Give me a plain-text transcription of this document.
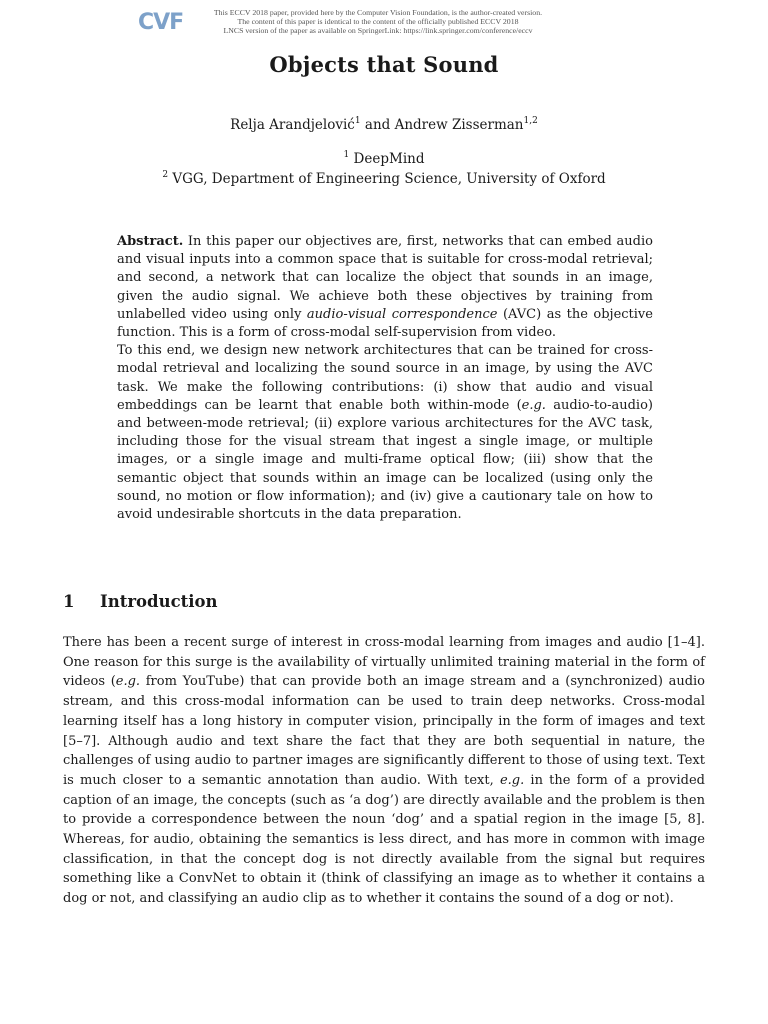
CVF	This ECCV 2018 paper, provided here by the Computer Vision Foundation, is the author-created version.
The content of this paper is identical to the content of the officially published ECCV 2018
LNCS version of the paper as available on SpringerLink: https://link.springer.com/conference/eccv
Objects that Sound
Relja Arandjelović$^1$ and Andrew Zisserman$^{1,2}$
$^1$ DeepMind
$^2$ VGG, Department of Engineering Science, University of Oxford

Abstract. In this paper our objectives are, first, networks that can embed audio and visual inputs into a common space that is suitable for cross-modal retrieval; and second, a network that can localize the object that sounds in an image, given the audio signal. We achieve both these objectives by training from unlabelled video using only audio-visual correspondence (AVC) as the objective function. This is a form of cross-modal self-supervision from video.

To this end, we design new network architectures that can be trained for cross-modal retrieval and localizing the sound source in an image, by using the AVC task. We make the following contributions: (i) show that audio and visual embeddings can be learnt that enable both within-mode (e.g. audio-to-audio) and between-mode retrieval; (ii) explore various architectures for the AVC task, including those for the visual stream that ingest a single image, or multiple images, or a single image and multi-frame optical flow; (iii) show that the semantic object that sounds within an image can be localized (using only the sound, no motion or flow information); and (iv) give a cautionary tale on how to avoid undesirable shortcuts in the data preparation.

1 Introduction

There has been a recent surge of interest in cross-modal learning from images and audio [1–4]. One reason for this surge is the availability of virtually unlimited training material in the form of videos (e.g. from YouTube) that can provide both an image stream and a (synchronized) audio stream, and this cross-modal information can be used to train deep networks. Cross-modal learning itself has a long history in computer vision, principally in the form of images and text [5–7]. Although audio and text share the fact that they are both sequential in nature, the challenges of using audio to partner images are significantly different to those of using text. Text is much closer to a semantic annotation than audio. With text, e.g. in the form of a provided caption of an image, the concepts (such as ‘a dog’) are directly available and the problem is then to provide a correspondence between the noun ‘dog’ and a spatial region in the image [5, 8]. Whereas, for audio, obtaining the semantics is less direct, and has more in common with image classification, in that the concept dog is not directly available from the signal but requires something like a ConvNet to obtain it (think of classifying an image as to whether it contains a dog or not, and classifying an audio clip as to whether it contains the sound of a dog or not).
